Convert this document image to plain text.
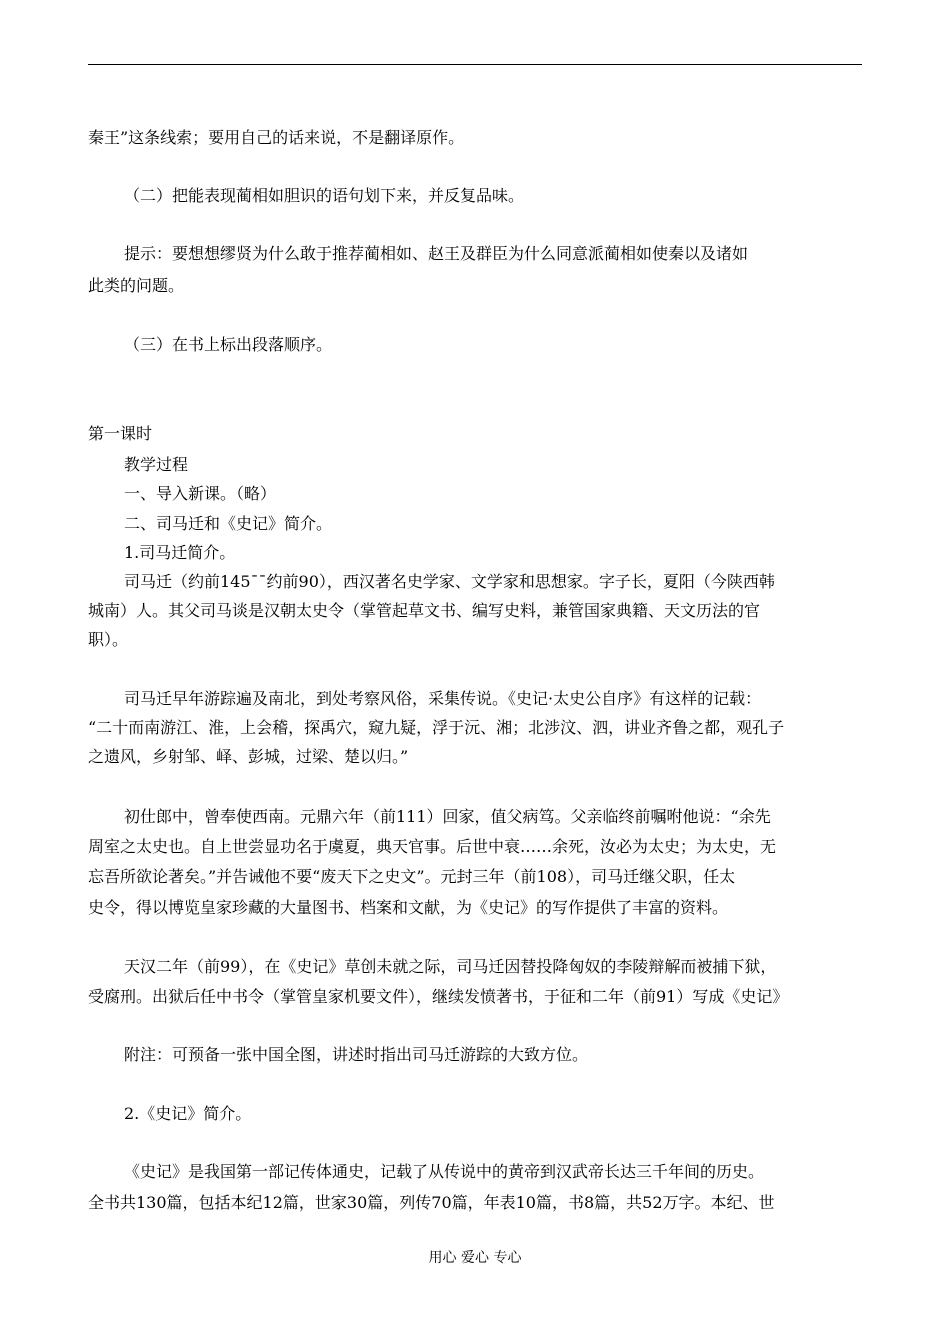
秦王”这条线索；要用自己的话来说，不是翻译原作。
（二）把能表现蔺相如胆识的语句划下来，并反复品味。
提示：要想想缪贤为什么敢于推荐蔺相如、赵王及群臣为什么同意派蔺相如使秦以及诸如
此类的问题。
（三）在书上标出段落顺序。
第一课时
教学过程
一、导入新课。（略）
二、司马迁和《史记》简介。
1.司马迁简介。
司马迁（约前145¯¯约前90），西汉著名史学家、文学家和思想家。字子长，夏阳（今陕西韩
城南）人。其父司马谈是汉朝太史令（掌管起草文书、编写史料，兼管国家典籍、天文历法的官
职）。
司马迁早年游踪遍及南北，到处考察风俗，采集传说。《史记·太史公自序》有这样的记载：
“二十而南游江、淮，上会稽，探禹穴，窥九疑，浮于沅、湘；北涉汶、泗，讲业齐鲁之都，观孔子
之遗风，乡射邹、峄、彭城，过梁、楚以归。”
初仕郎中，曾奉使西南。元鼎六年（前111）回家，值父病笃。父亲临终前嘱咐他说：“余先
周室之太史也。自上世尝显功名于虞夏，典天官事。后世中衰……余死，汝必为太史；为太史，无
忘吾所欲论著矣。”并告诫他不要“废天下之史文”。元封三年（前108），司马迁继父职，任太
史令，得以博览皇家珍藏的大量图书、档案和文献，为《史记》的写作提供了丰富的资料。
天汉二年（前99），在《史记》草创未就之际，司马迁因替投降匈奴的李陵辩解而被捕下狱，
受腐刑。出狱后任中书令（掌管皇家机要文件），继续发愤著书，于征和二年（前91）写成《史记》
附注：可预备一张中国全图，讲述时指出司马迁游踪的大致方位。
2.《史记》简介。
《史记》是我国第一部记传体通史，记载了从传说中的黄帝到汉武帝长达三千年间的历史。
全书共130篇，包括本纪12篇，世家30篇，列传70篇，年表10篇，书8篇，共52万字。本纪、世
用心 爱心 专心
